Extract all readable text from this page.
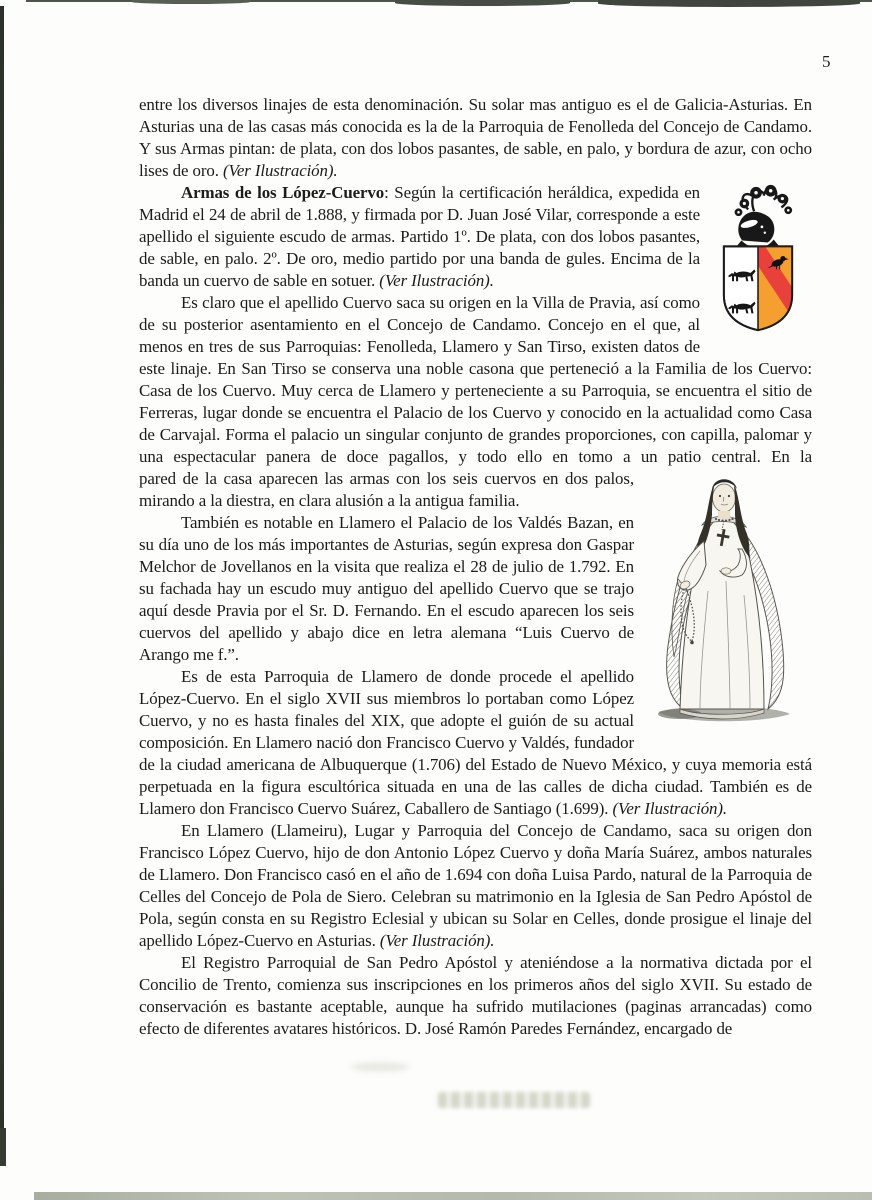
5

entre los diversos linajes de esta denominación. Su solar mas antiguo es el de Galicia-Asturias. En Asturias una de las casas más conocida es la de la Parroquia de Fenolleda del Concejo de Candamo. Y sus Armas pintan: de plata, con dos lobos pasantes, de sable, en palo, y bordura de azur, con ocho lises de oro. (Ver Ilustración).

Armas de los López-Cuervo: Según la certificación heráldica, expedida en Madrid el 24 de abril de 1.888, y firmada por D. Juan José Vilar, corresponde a este apellido el siguiente escudo de armas. Partido 1º. De plata, con dos lobos pasantes, de sable, en palo. 2º. De oro, medio partido por una banda de gules. Encima de la banda un cuervo de sable en sotuer. (Ver Ilustración).

Es claro que el apellido Cuervo saca su origen en la Villa de Pravia, así como de su posterior asentamiento en el Concejo de Candamo. Concejo en el que, al menos en tres de sus Parroquias: Fenolleda, Llamero y San Tirso, existen datos de este linaje. En San Tirso se conserva una noble casona que perteneció a la Familia de los Cuervo: Casa de los Cuervo. Muy cerca de Llamero y perteneciente a su Parroquia, se encuentra el sitio de Ferreras, lugar donde se encuentra el Palacio de los Cuervo y conocido en la actualidad como Casa de Carvajal. Forma el palacio un singular conjunto de grandes proporciones, con capilla, palomar y una espectacular panera de doce pagallos, y todo ello en tomo a un patio central. En la

pared de la casa aparecen las armas con los seis cuervos en dos palos, mirando a la diestra, en clara alusión a la antigua familia.

También es notable en Llamero el Palacio de los Valdés Bazan, en su día uno de los más importantes de Asturias, según expresa don Gaspar Melchor de Jovellanos en la visita que realiza el 28 de julio de 1.792. En su fachada hay un escudo muy antiguo del apellido Cuervo que se trajo aquí desde Pravia por el Sr. D. Fernando. En el escudo aparecen los seis cuervos del apellido y abajo dice en letra alemana “Luis Cuervo de Arango me f.”.

Es de esta Parroquia de Llamero de donde procede el apellido López-Cuervo. En el siglo XVII sus miembros lo portaban como López Cuervo, y no es hasta finales del XIX, que adopte el guión de su actual composición. En Llamero nació don Francisco Cuervo y Valdés, fundador de la ciudad americana de Albuquerque (1.706) del Estado de Nuevo México, y cuya memoria está perpetuada en la figura escultórica situada en una de las calles de dicha ciudad. También es de Llamero don Francisco Cuervo Suárez, Caballero de Santiago (1.699). (Ver Ilustración).

En Llamero (Llameiru), Lugar y Parroquia del Concejo de Candamo, saca su origen don Francisco López Cuervo, hijo de don Antonio López Cuervo y doña María Suárez, ambos naturales de Llamero. Don Francisco casó en el año de 1.694 con doña Luisa Pardo, natural de la Parroquia de Celles del Concejo de Pola de Siero. Celebran su matrimonio en la Iglesia de San Pedro Apóstol de Pola, según consta en su Registro Eclesial y ubican su Solar en Celles, donde prosigue el linaje del apellido López-Cuervo en Asturias. (Ver Ilustración).

El Registro Parroquial de San Pedro Apóstol y ateniéndose a la normativa dictada por el Concilio de Trento, comienza sus inscripciones en los primeros años del siglo XVII. Su estado de conservación es bastante aceptable, aunque ha sufrido mutilaciones (paginas arrancadas) como efecto de diferentes avatares históricos. D. José Ramón Paredes Fernández, encargado de
